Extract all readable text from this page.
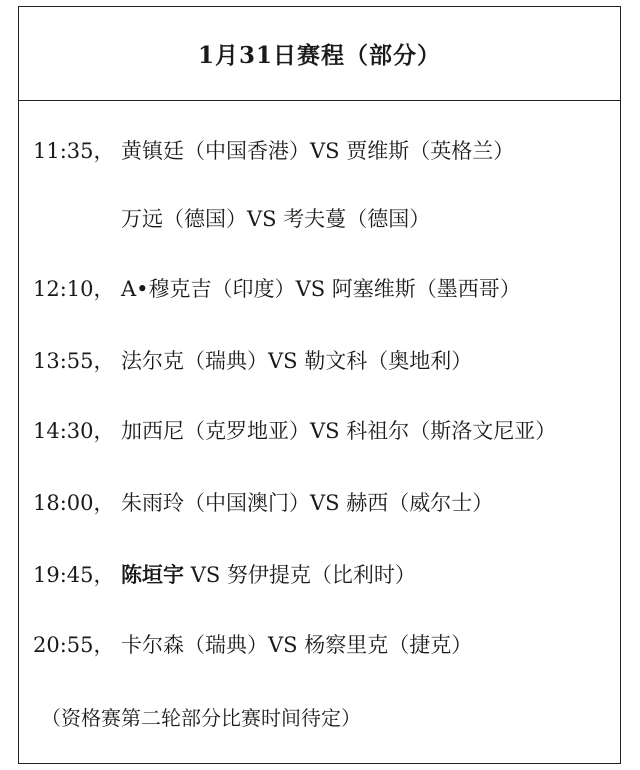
1月31日赛程（部分）
11:35， 黄镇廷（中国香港）VS 贾维斯（英格兰）
万远（德国）VS 考夫蔓（德国）
12:10， A•穆克吉（印度）VS 阿塞维斯（墨西哥）
13:55， 法尔克（瑞典）VS 勒文科（奥地利）
14:30， 加西尼（克罗地亚）VS 科祖尔（斯洛文尼亚）
18:00， 朱雨玲（中国澳门）VS 赫西（威尔士）
19:45， 陈垣宇 VS 努伊提克（比利时）
20:55， 卡尔森（瑞典）VS 杨察里克（捷克）
（资格赛第二轮部分比赛时间待定）
